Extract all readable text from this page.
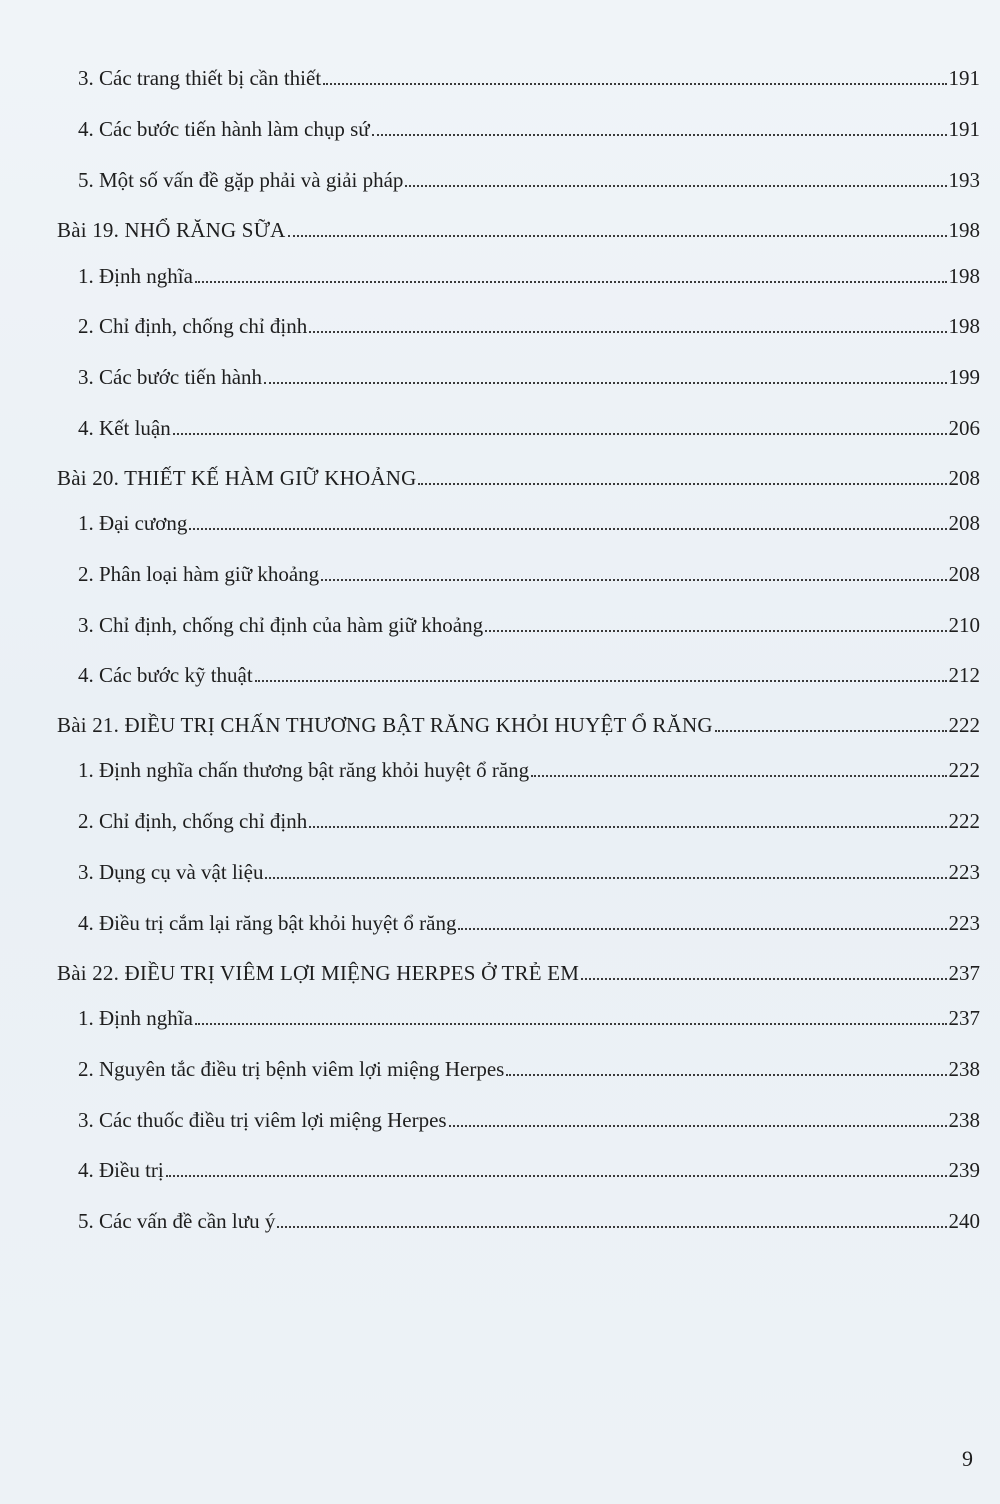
3. Các trang thiết bị cần thiết	191
4. Các bước tiến hành làm chụp sứ	191
5. Một số vấn đề gặp phải và giải pháp	193
Bài 19. NHỔ RĂNG SỮA	198
1. Định nghĩa	198
2. Chỉ định, chống chỉ định	198
3. Các bước tiến hành	199
4. Kết luận	206
Bài 20. THIẾT KẾ HÀM GIỮ KHOẢNG	208
1. Đại cương	208
2. Phân loại hàm giữ khoảng	208
3. Chỉ định, chống chỉ định của hàm giữ khoảng	210
4. Các bước kỹ thuật	212
Bài 21. ĐIỀU TRỊ CHẤN THƯƠNG BẬT RĂNG KHỎI HUYỆT Ổ RĂNG	222
1. Định nghĩa chấn thương bật răng khỏi huyệt ổ răng	222
2. Chỉ định, chống chỉ định	222
3. Dụng cụ và vật liệu	223
4. Điều trị cắm lại răng bật khỏi huyệt ổ răng	223
Bài 22. ĐIỀU TRỊ VIÊM LỢI MIỆNG HERPES Ở TRẺ EM	237
1. Định nghĩa	237
2. Nguyên tắc điều trị bệnh viêm lợi miệng Herpes	238
3. Các thuốc điều trị viêm lợi miệng Herpes	238
4. Điều trị	239
5. Các vấn đề cần lưu ý	240
9
